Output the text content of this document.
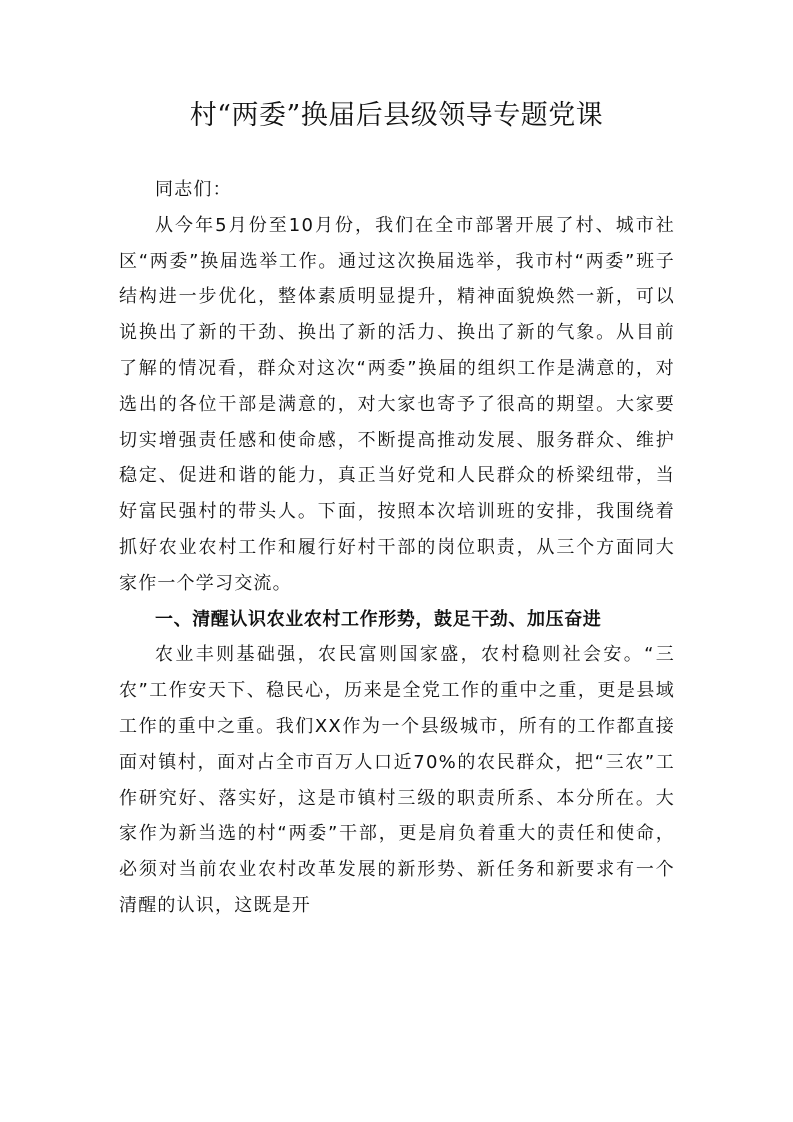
村“两委”换届后县级领导专题党课

同志们：

从今年5月份至10月份，我们在全市部署开展了村、城市社区“两委”换届选举工作。通过这次换届选举，我市村“两委”班子结构进一步优化，整体素质明显提升，精神面貌焕然一新，可以说换出了新的干劲、换出了新的活力、换出了新的气象。从目前了解的情况看，群众对这次“两委”换届的组织工作是满意的，对选出的各位干部是满意的，对大家也寄予了很高的期望。大家要切实增强责任感和使命感，不断提高推动发展、服务群众、维护稳定、促进和谐的能力，真正当好党和人民群众的桥梁纽带，当好富民强村的带头人。下面，按照本次培训班的安排，我围绕着抓好农业农村工作和履行好村干部的岗位职责，从三个方面同大家作一个学习交流。

一、清醒认识农业农村工作形势，鼓足干劲、加压奋进

农业丰则基础强，农民富则国家盛，农村稳则社会安。“三农”工作安天下、稳民心，历来是全党工作的重中之重，更是县域工作的重中之重。我们XX作为一个县级城市，所有的工作都直接面对镇村，面对占全市百万人口近70%的农民群众，把“三农”工作研究好、落实好，这是市镇村三级的职责所系、本分所在。大家作为新当选的村“两委”干部，更是肩负着重大的责任和使命，必须对当前农业农村改革发展的新形势、新任务和新要求有一个清醒的认识，这既是开
